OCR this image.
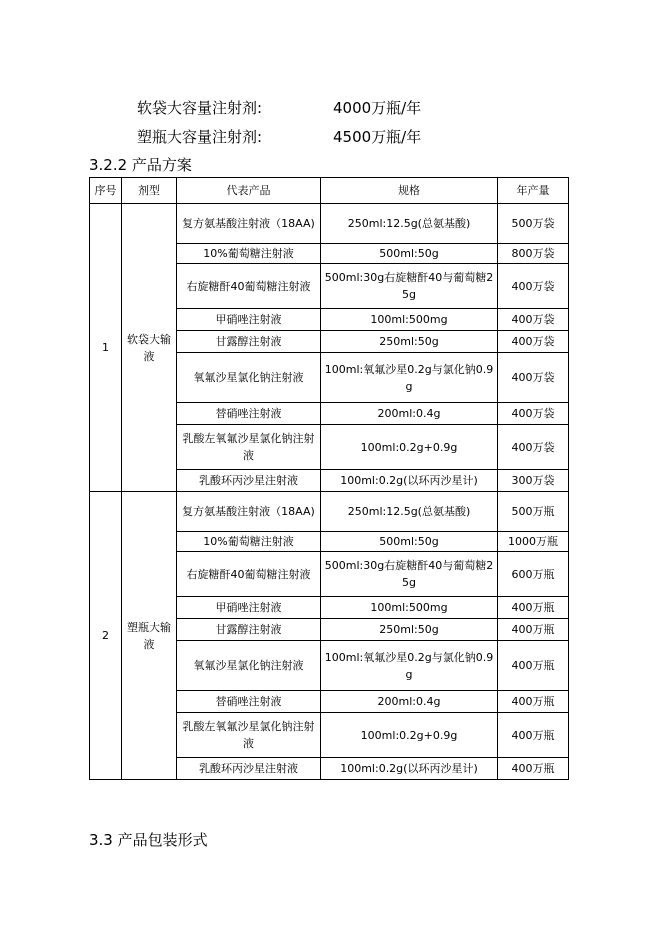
软袋大容量注射剂:	4000万瓶/年
塑瓶大容量注射剂:	4500万瓶/年
3.2.2 产品方案
序号	剂型	代表产品	规格	年产量
1	软袋大输液	复方氨基酸注射液（18AA)	250ml:12.5g(总氨基酸)	500万袋
		10%葡萄糖注射液	500ml:50g	800万袋
		右旋糖酐40葡萄糖注射液	500ml:30g右旋糖酐40与葡萄糖25g	400万袋
		甲硝唑注射液	100ml:500mg	400万袋
		甘露醇注射液	250ml:50g	400万袋
		氧氟沙星氯化钠注射液	100ml:氧氟沙星0.2g与氯化钠0.9g	400万袋
		替硝唑注射液	200ml:0.4g	400万袋
		乳酸左氧氟沙星氯化钠注射液	100ml:0.2g+0.9g	400万袋
		乳酸环丙沙星注射液	100ml:0.2g(以环丙沙星计)	300万袋
2	塑瓶大输液	复方氨基酸注射液（18AA)	250ml:12.5g(总氨基酸)	500万瓶
		10%葡萄糖注射液	500ml:50g	1000万瓶
		右旋糖酐40葡萄糖注射液	500ml:30g右旋糖酐40与葡萄糖25g	600万瓶
		甲硝唑注射液	100ml:500mg	400万瓶
		甘露醇注射液	250ml:50g	400万瓶
		氧氟沙星氯化钠注射液	100ml:氧氟沙星0.2g与氯化钠0.9g	400万瓶
		替硝唑注射液	200ml:0.4g	400万瓶
		乳酸左氧氟沙星氯化钠注射液	100ml:0.2g+0.9g	400万瓶
		乳酸环丙沙星注射液	100ml:0.2g(以环丙沙星计)	400万瓶
3.3 产品包装形式
